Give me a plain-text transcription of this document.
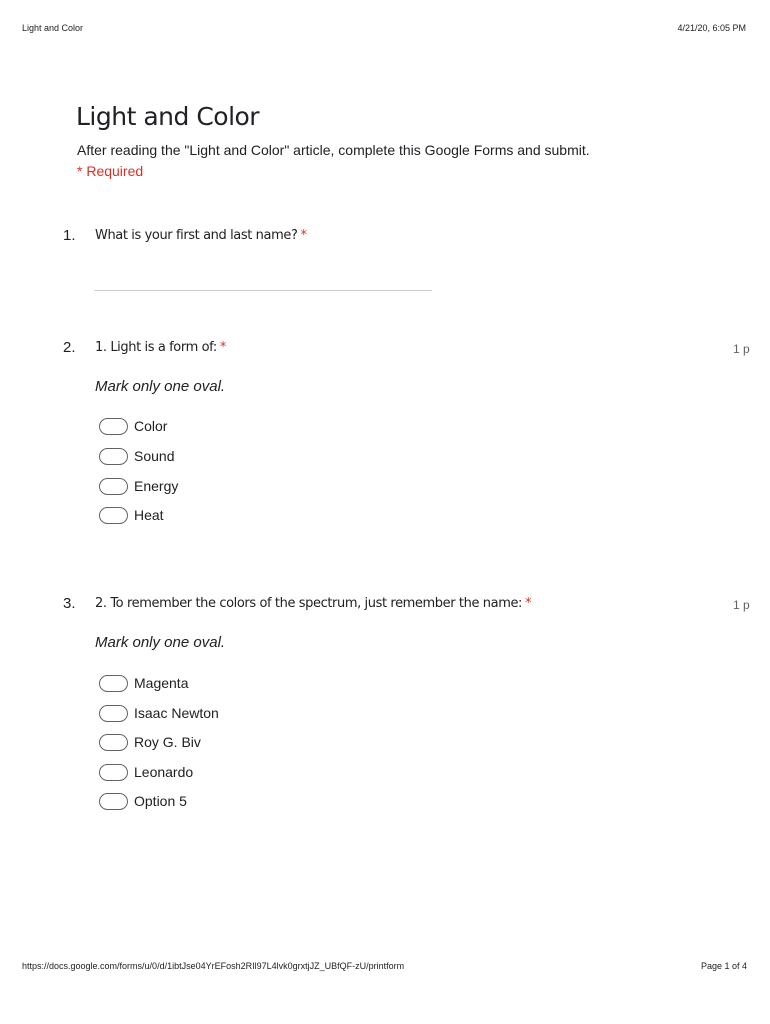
Light and Color	4/21/20, 6:05 PM
Light and Color
After reading the "Light and Color" article, complete this Google Forms and submit.
* Required
1. What is your first and last name? *
2. 1. Light is a form of: *	1 p
Mark only one oval.
Color
Sound
Energy
Heat
3. 2. To remember the colors of the spectrum, just remember the name: *	1 p
Mark only one oval.
Magenta
Isaac Newton
Roy G. Biv
Leonardo
Option 5
https://docs.google.com/forms/u/0/d/1ibtJse04YrEFosh2RIl97L4lvk0grxtjJZ_UBfQF-zU/printform	Page 1 of 4
